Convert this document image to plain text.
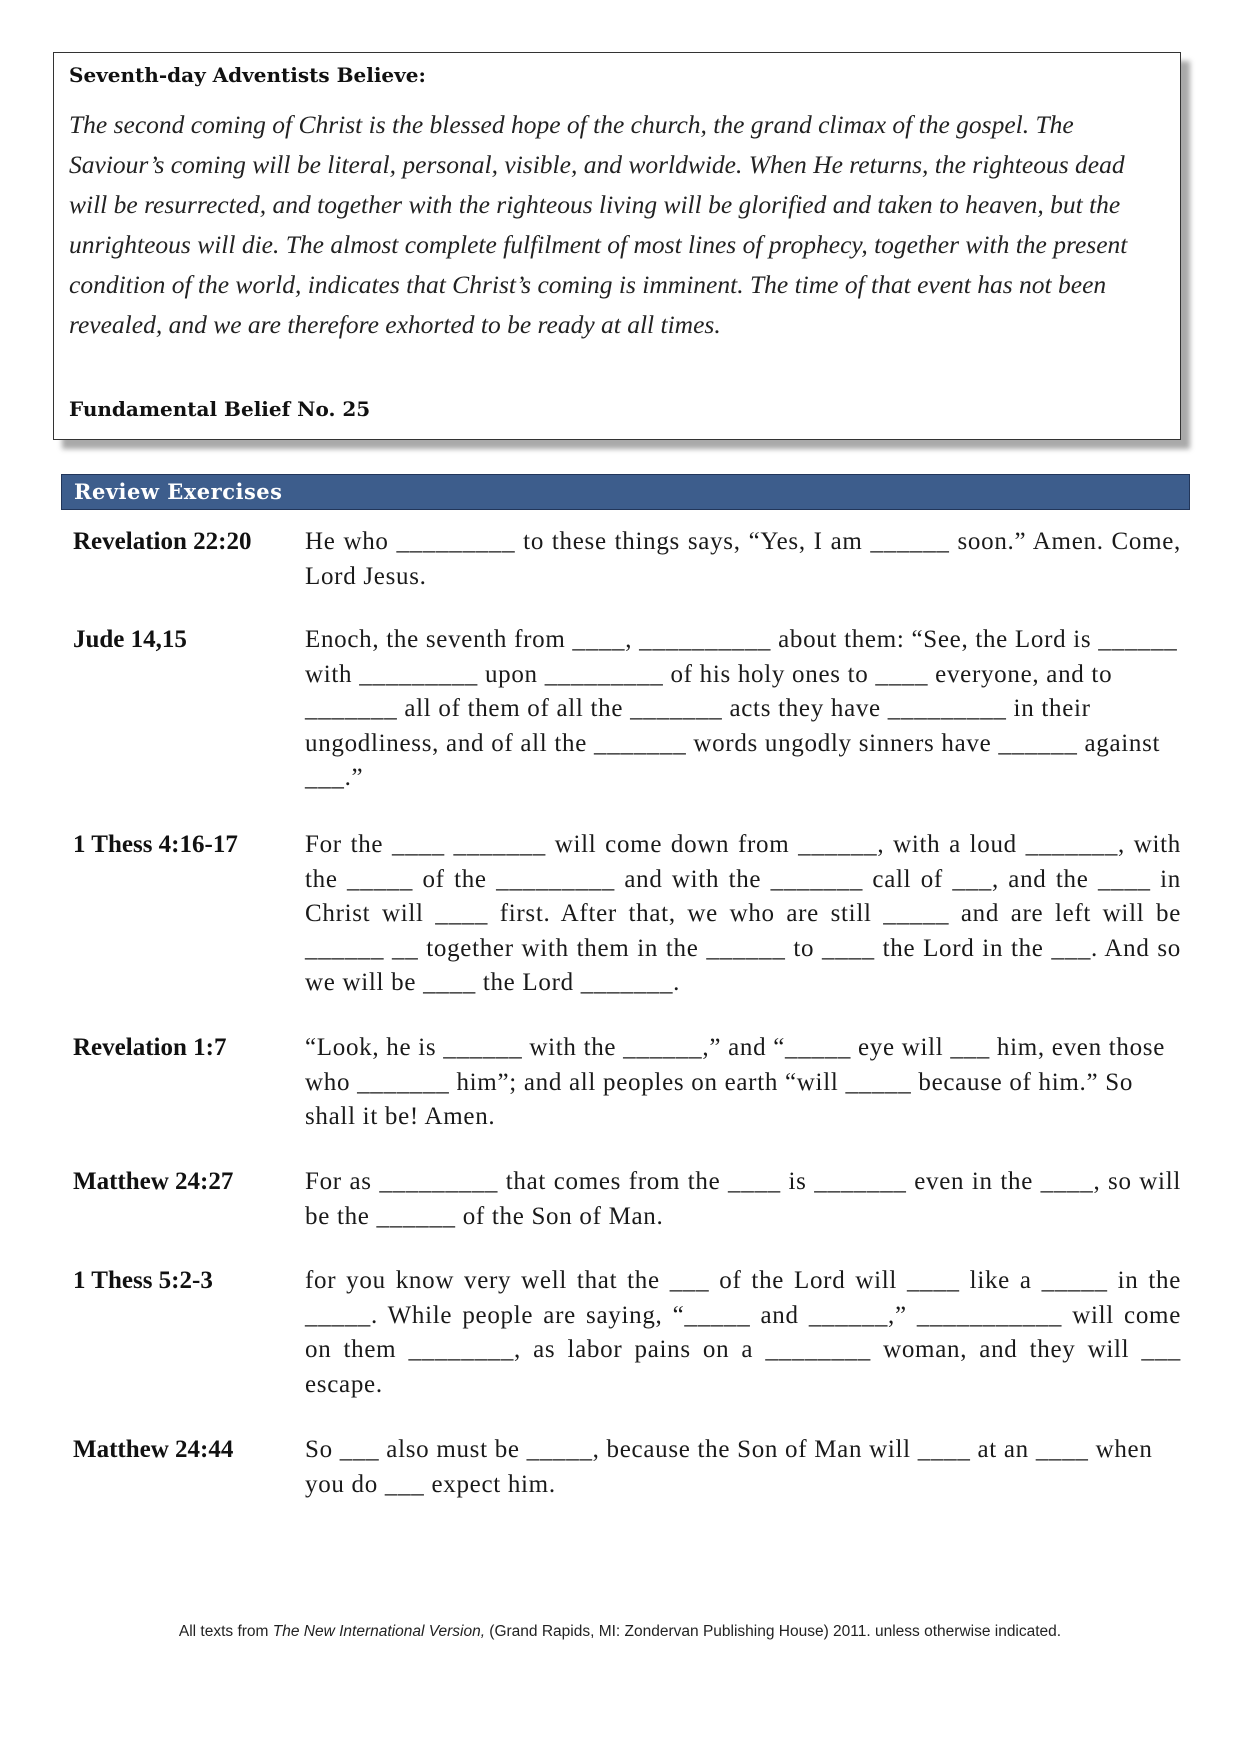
Seventh-day Adventists Believe:
The second coming of Christ is the blessed hope of the church, the grand climax of the gospel. The Saviour’s coming will be literal, personal, visible, and worldwide. When He returns, the righteous dead will be resurrected, and together with the righteous living will be glorified and taken to heaven, but the unrighteous will die. The almost complete fulfilment of most lines of prophecy, together with the present condition of the world, indicates that Christ’s coming is imminent. The time of that event has not been revealed, and we are therefore exhorted to be ready at all times.
Fundamental Belief No. 25
Review Exercises
Revelation 22:20 He who _________ to these things says, “Yes, I am ______ soon.” Amen. Come, Lord Jesus.
Jude 14,15	Enoch, the seventh from ____, __________ about them: “See, the Lord is ______ with _________ upon _________ of his holy ones to ____ everyone, and to _______ all of them of all the _______ acts they have _________ in their ungodliness, and of all the _______ words ungodly sinners have ______ against ___.”
1 Thess 4:16-17	For the ____ _______ will come down from ______, with a loud _______, with the _____ of the _________ and with the _______ call of ___, and the ____ in Christ will ____ first. After that, we who are still _____ and are left will be ______ __ together with them in the ______ to ____ the Lord in the ___. And so we will be ____ the Lord _______.
Revelation 1:7	“Look, he is ______ with the ______,” and “_____ eye will ___ him, even those who _______ him”; and all peoples on earth “will _____ because of him.” So shall it be! Amen.
Matthew 24:27	For as _________ that comes from the ____ is _______ even in the ____, so will be the ______ of the Son of Man.
1 Thess 5:2-3	for you know very well that the ___ of the Lord will ____ like a _____ in the _____. While people are saying, “_____ and ______,” ___________ will come on them ________, as labor pains on a ________ woman, and they will ___ escape.
Matthew 24:44	So ___ also must be _____, because the Son of Man will ____ at an ____ when you do ___ expect him.
All texts from The New International Version, (Grand Rapids, MI: Zondervan Publishing House) 2011. unless otherwise indicated.
